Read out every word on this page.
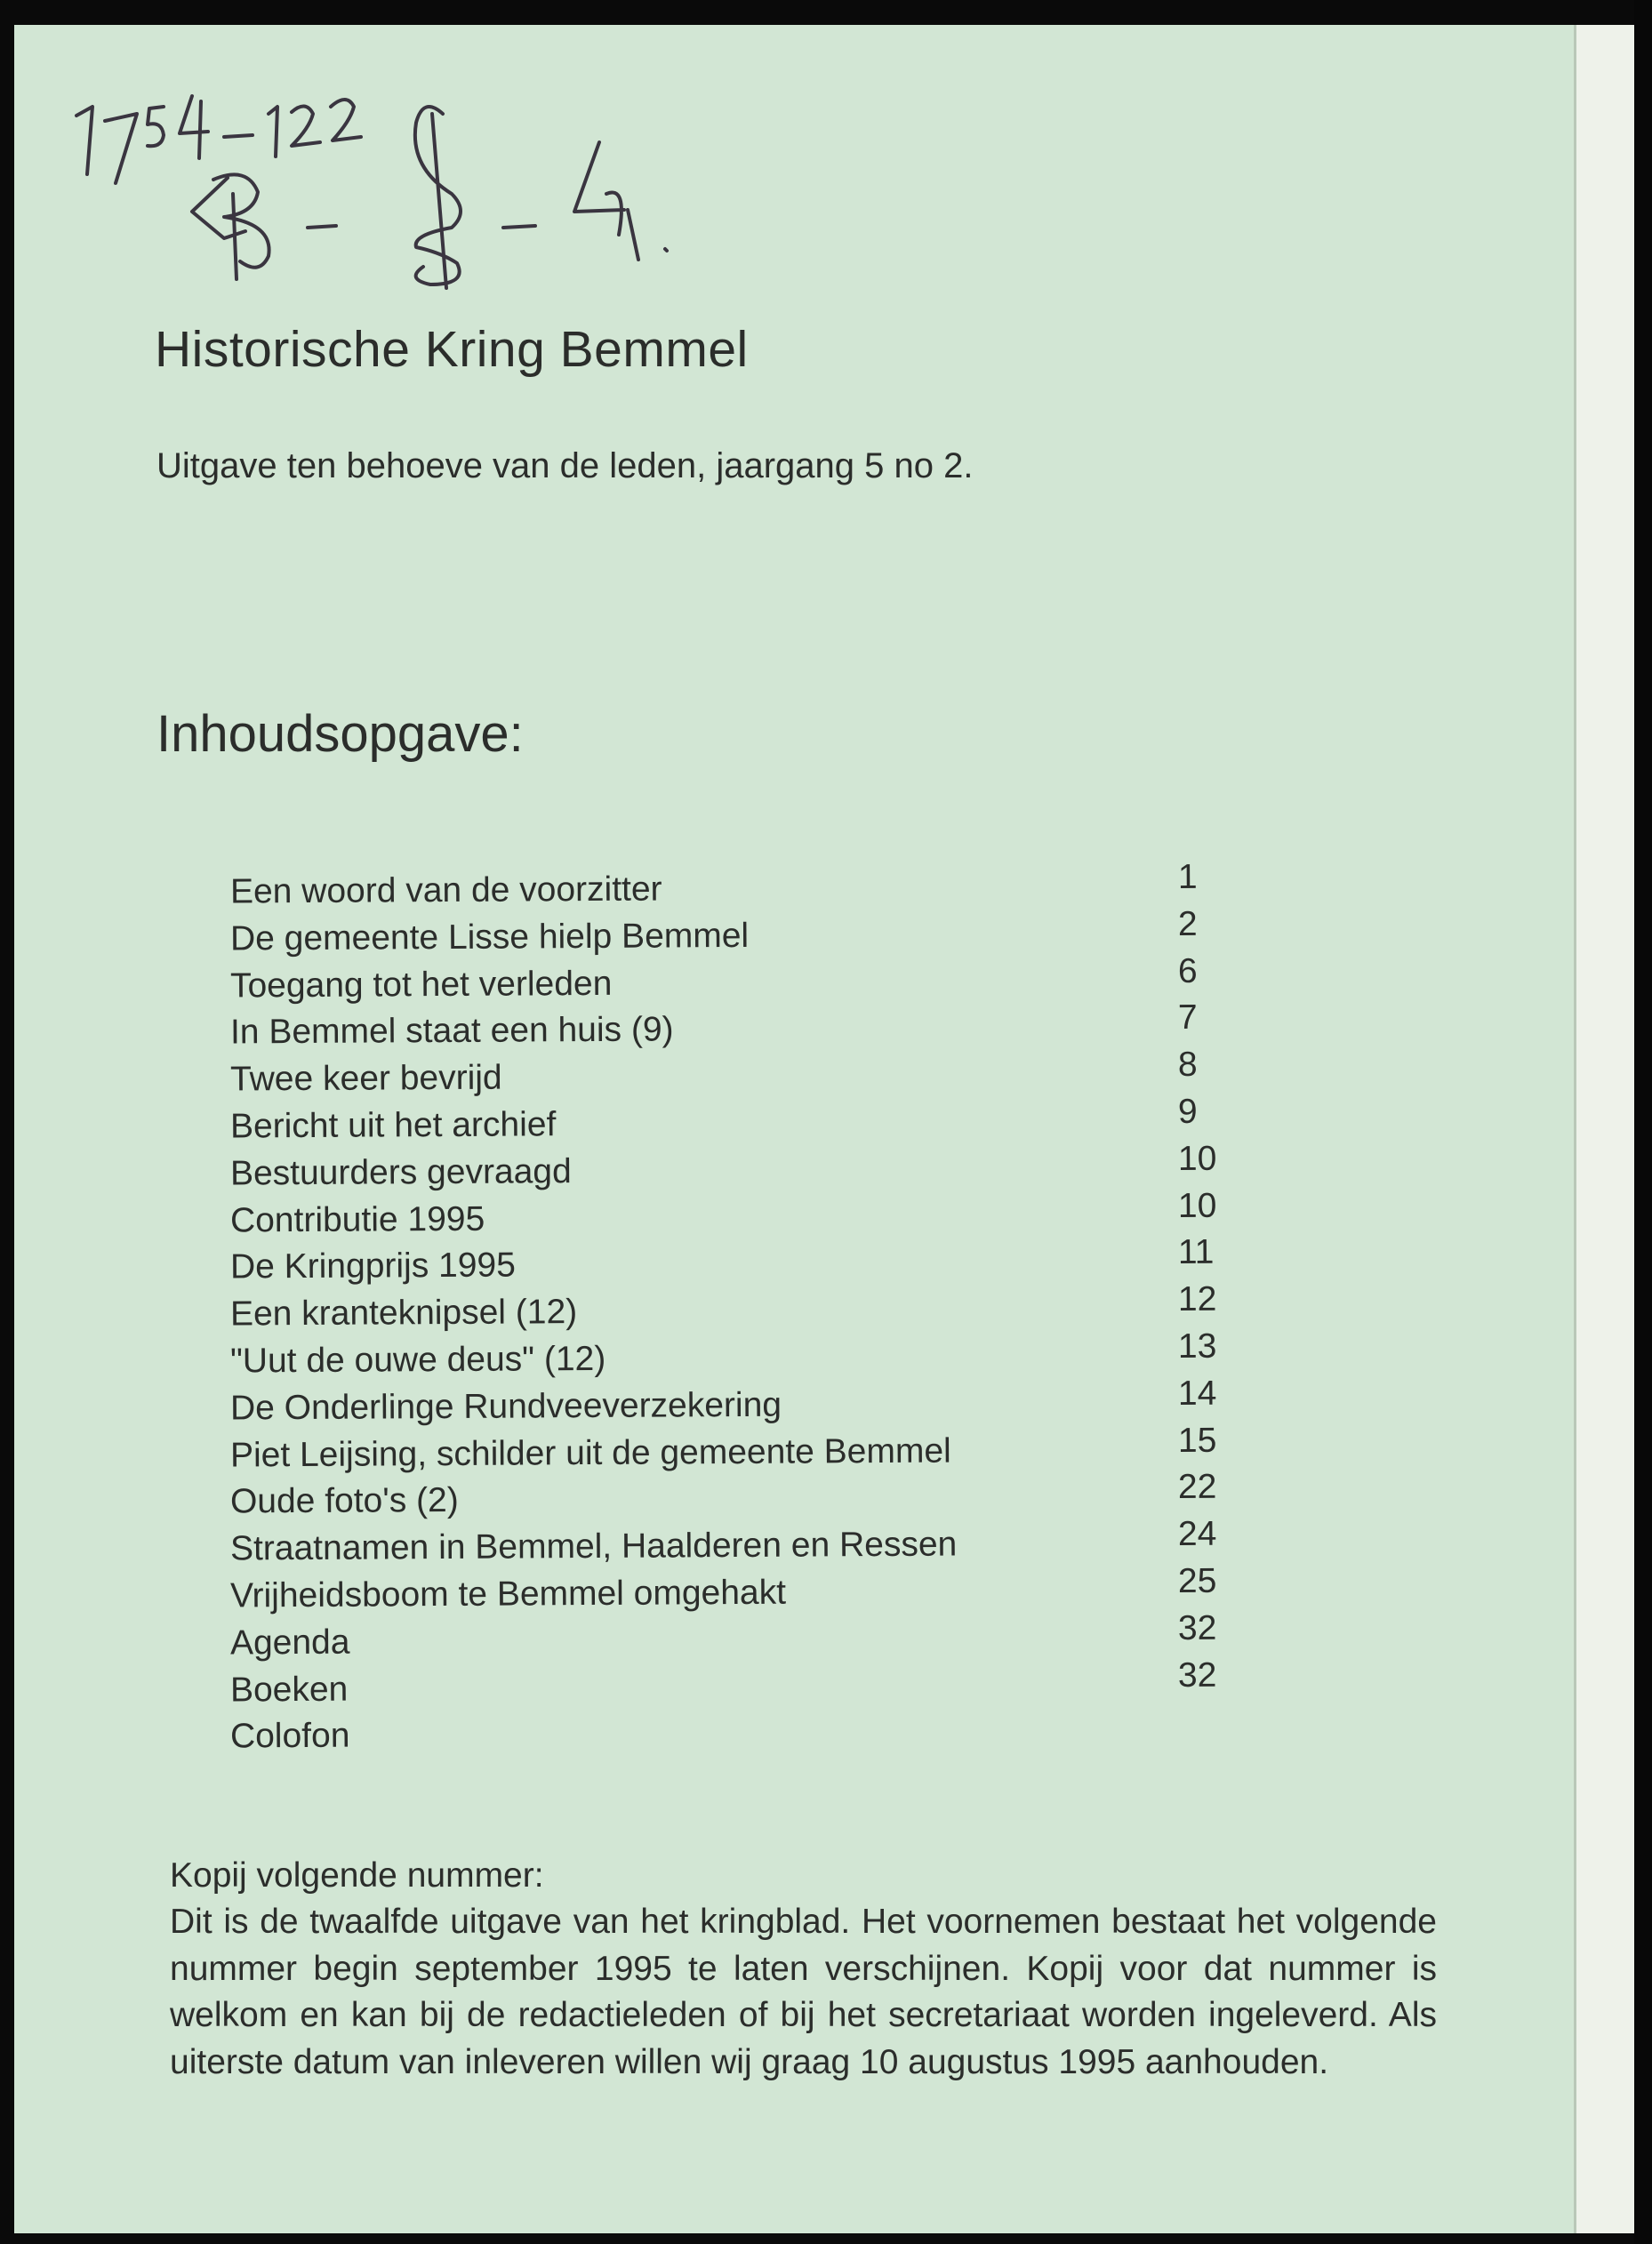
Historische Kring Bemmel

Uitgave ten behoeve van de leden, jaargang 5 no 2.

Inhoudsopgave:
Een woord van de voorzitter	1
De gemeente Lisse hielp Bemmel	2
Toegang tot het verleden	6
In Bemmel staat een huis (9)	7
Twee keer bevrijd	8
Bericht uit het archief	9
Bestuurders gevraagd	10
Contributie 1995	10
De Kringprijs 1995	11
Een kranteknipsel (12)	12
"Uut de ouwe deus" (12)	13
De Onderlinge Rundveeverzekering	14
Piet Leijsing, schilder uit de gemeente Bemmel	15
Oude foto's (2)	22
Straatnamen in Bemmel, Haalderen en Ressen	24
Vrijheidsboom te Bemmel omgehakt	25
Agenda	32
Boeken	32
Colofon

Kopij volgende nummer:

Dit is de twaalfde uitgave van het kringblad. Het voornemen bestaat het volgende nummer begin september 1995 te laten verschijnen. Kopij voor dat nummer is welkom en kan bij de redactieleden of bij het secretariaat worden ingeleverd. Als uiterste datum van inleveren willen wij graag 10 augustus 1995 aanhouden.
